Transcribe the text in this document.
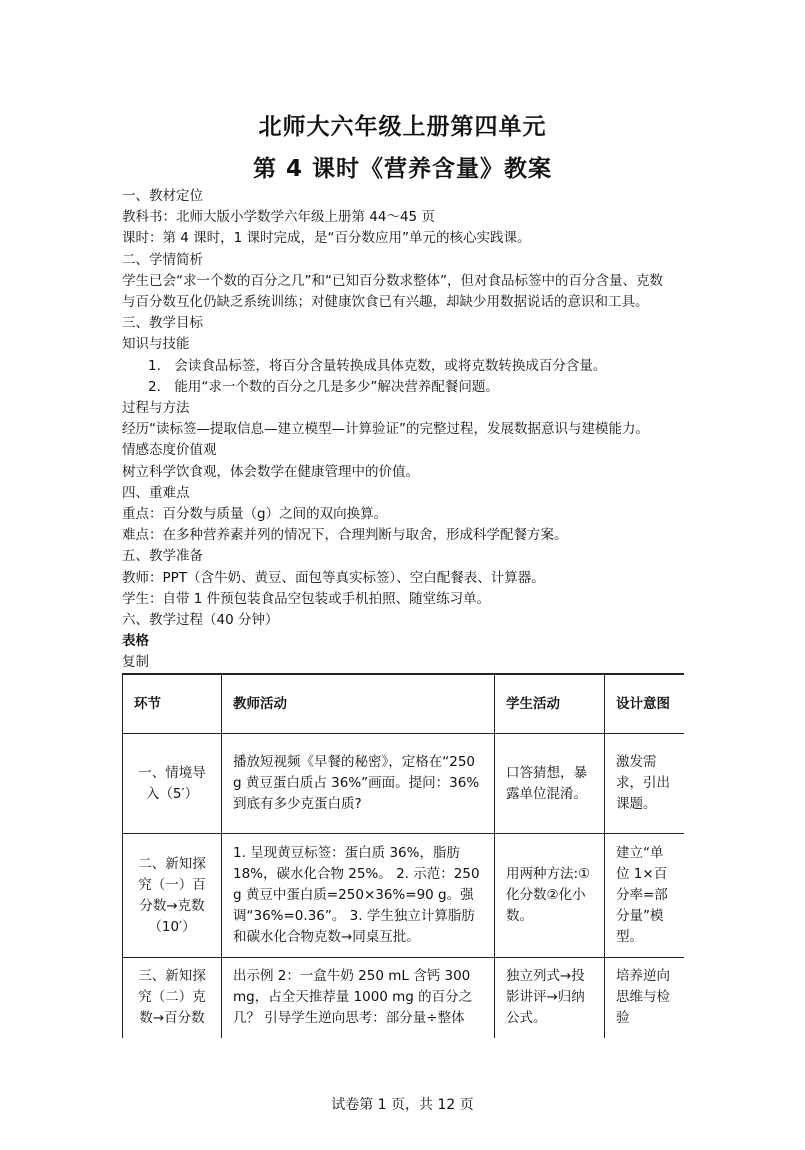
北师大六年级上册第四单元
第 4 课时《营养含量》教案

一、教材定位

教科书：北师大版小学数学六年级上册第 44～45 页

课时：第 4 课时，1 课时完成，是“百分数应用”单元的核心实践课。

二、学情简析

学生已会“求一个数的百分之几”和“已知百分数求整体”，但对食品标签中的百分含量、克数

与百分数互化仍缺乏系统训练；对健康饮食已有兴趣，却缺少用数据说话的意识和工具。

三、教学目标

知识与技能

1.　会读食品标签，将百分含量转换成具体克数，或将克数转换成百分含量。

2.　能用“求一个数的百分之几是多少”解决营养配餐问题。

过程与方法

经历“读标签—提取信息—建立模型—计算验证”的完整过程，发展数据意识与建模能力。

情感态度价值观

树立科学饮食观，体会数学在健康管理中的价值。

四、重难点

重点：百分数与质量（g）之间的双向换算。

难点：在多种营养素并列的情况下，合理判断与取舍，形成科学配餐方案。

五、教学准备

教师：PPT（含牛奶、黄豆、面包等真实标签）、空白配餐表、计算器。

学生：自带 1 件预包装食品空包装或手机拍照、随堂练习单。

六、教学过程（40 分钟）

表格

复制

环节	教师活动	学生活动	设计意图
一、情境导入（5′）	播放短视频《早餐的秘密》，定格在“250 g 黄豆蛋白质占 36%”画面。提问：36%到底有多少克蛋白质?	口答猜想，暴露单位混淆。	激发需求，引出课题。
二、新知探究（一）百分数→克数（10′）	1. 呈现黄豆标签：蛋白质 36%，脂肪 18%，碳水化合物 25%。 2. 示范：250 g 黄豆中蛋白质=250×36%=90 g。强调“36%=0.36”。 3. 学生独立计算脂肪和碳水化合物克数→同桌互批。	用两种方法:①化分数②化小数。	建立“单位 1×百分率=部分量”模型。
三、新知探究（二）克数→百分数	出示例 2：一盒牛奶 250 mL 含钙 300 mg，占全天推荐量 1000 mg 的百分之几？ 引导学生逆向思考：部分量÷整体	独立列式→投影讲评→归纳公式。	培养逆向思维与检验
试卷第 1 页，共 12 页
